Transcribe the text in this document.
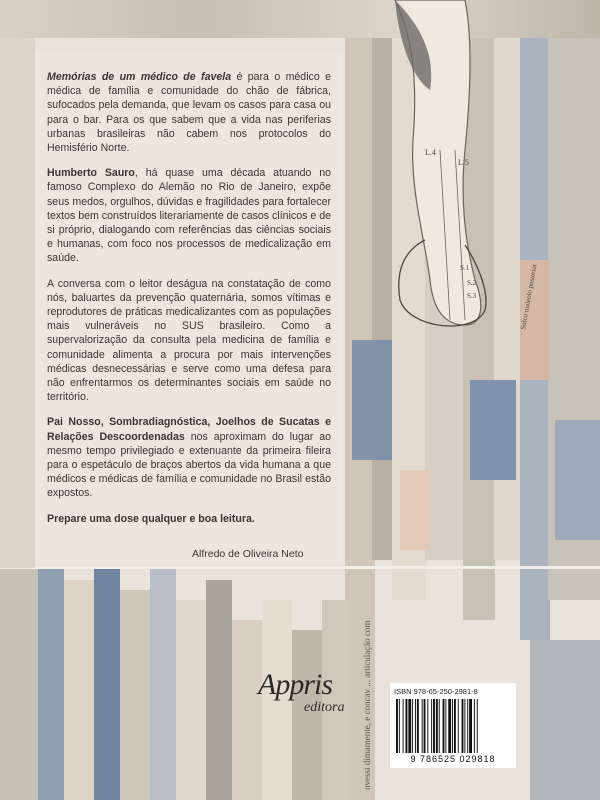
L.4
L.5
S.1
S.2
S.3	Sulco maleolo posterior
nvessi dimamente, e concav ... articulação com

Memórias de um médico de favela é para o médico e médica de família e comunidade do chão de fábrica, sufocados pela demanda, que levam os casos para casa ou para o bar. Para os que sabem que a vida nas periferias urbanas brasileiras não cabem nos protocolos do Hemisfério Norte.

Humberto Sauro, há quase uma década atuando no famoso Complexo do Alemão no Rio de Janeiro, expõe seus medos, orgulhos, dúvidas e fragilidades para fortalecer textos bem construídos literariamente de casos clínicos e de si próprio, dialogando com referências das ciências sociais e humanas, com foco nos processos de medicalização em saúde.

A conversa com o leitor deságua na constatação de como nós, baluartes da prevenção quaternária, somos vítimas e reprodutores de práticas medicalizantes com as populações mais vulneráveis no SUS brasileiro. Como a supervalorização da consulta pela medicina de família e comunidade alimenta a procura por mais intervenções médicas desnecessárias e serve como uma defesa para não enfrentarmos os determinantes sociais em saúde no território.

Pai Nosso, Sombradiagnóstica, Joelhos de Sucatas e Relações Descoordenadas nos aproximam do lugar ao mesmo tempo privilegiado e extenuante da primeira fileira para o espetáculo de braços abertos da vida humana a que médicos e médicas de família e comunidade no Brasil estão expostos.

Prepare uma dose qualquer e boa leitura.

Alfredo de Oliveira Neto
Appris
editora
ISBN 978-65-250-2981-8
9 786525 029818
